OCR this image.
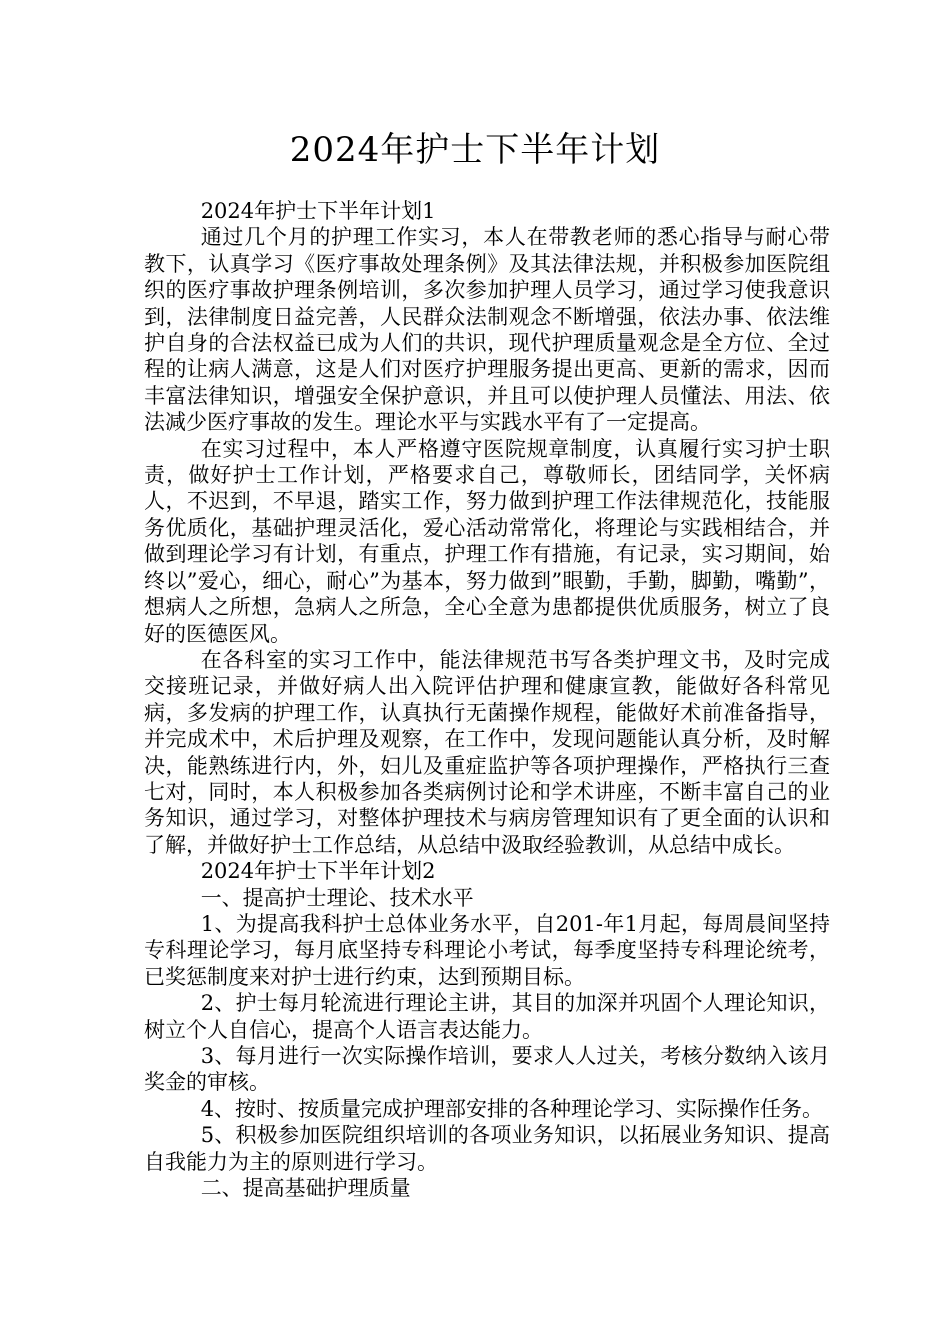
2024年护士下半年计划

2024年护士下半年计划1

通过几个月的护理工作实习，本人在带教老师的悉心指导与耐心带教下，认真学习《医疗事故处理条例》及其法律法规，并积极参加医院组织的医疗事故护理条例培训，多次参加护理人员学习，通过学习使我意识到，法律制度日益完善，人民群众法制观念不断增强，依法办事、依法维护自身的合法权益已成为人们的共识，现代护理质量观念是全方位、全过程的让病人满意，这是人们对医疗护理服务提出更高、更新的需求，因而丰富法律知识，增强安全保护意识，并且可以使护理人员懂法、用法、依法减少医疗事故的发生。理论水平与实践水平有了一定提高。

在实习过程中，本人严格遵守医院规章制度，认真履行实习护士职责，做好护士工作计划，严格要求自己，尊敬师长，团结同学，关怀病人，不迟到，不早退，踏实工作，努力做到护理工作法律规范化，技能服务优质化，基础护理灵活化，爱心活动常常化，将理论与实践相结合，并做到理论学习有计划，有重点，护理工作有措施，有记录，实习期间，始终以”爱心，细心，耐心”为基本，努力做到”眼勤，手勤，脚勤，嘴勤”，想病人之所想，急病人之所急，全心全意为患都提供优质服务，树立了良好的医德医风。

在各科室的实习工作中，能法律规范书写各类护理文书，及时完成交接班记录，并做好病人出入院评估护理和健康宣教，能做好各科常见病，多发病的护理工作，认真执行无菌操作规程，能做好术前准备指导，并完成术中，术后护理及观察，在工作中，发现问题能认真分析，及时解决，能熟练进行内，外，妇儿及重症监护等各项护理操作，严格执行三查七对，同时，本人积极参加各类病例讨论和学术讲座，不断丰富自己的业务知识，通过学习，对整体护理技术与病房管理知识有了更全面的认识和了解，并做好护士工作总结，从总结中汲取经验教训，从总结中成长。

2024年护士下半年计划2

一、提高护士理论、技术水平

1、为提高我科护士总体业务水平，自201-年1月起，每周晨间坚持专科理论学习，每月底坚持专科理论小考试，每季度坚持专科理论统考，已奖惩制度来对护士进行约束，达到预期目标。

2、护士每月轮流进行理论主讲，其目的加深并巩固个人理论知识，树立个人自信心，提高个人语言表达能力。

3、每月进行一次实际操作培训，要求人人过关，考核分数纳入该月奖金的审核。

4、按时、按质量完成护理部安排的各种理论学习、实际操作任务。

5、积极参加医院组织培训的各项业务知识，以拓展业务知识、提高自我能力为主的原则进行学习。

二、提高基础护理质量
